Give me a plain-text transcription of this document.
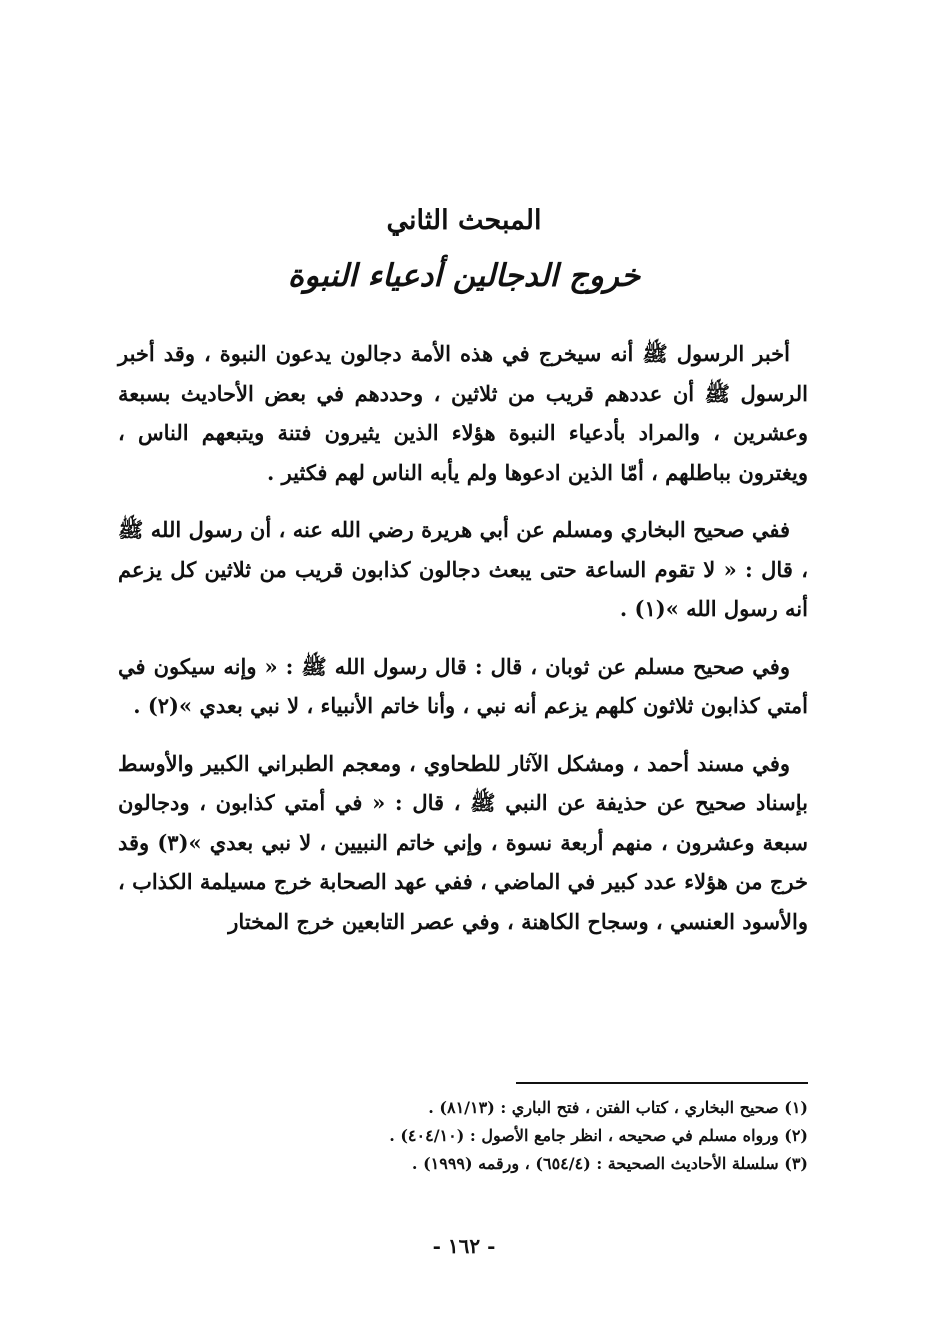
المبحث الثاني
خروج الدجالين أدعياء النبوة

أخبر الرسول ﷺ أنه سيخرج في هذه الأمة دجالون يدعون النبوة ، وقد أخبر الرسول ﷺ أن عددهم قريب من ثلاثين ، وحددهم في بعض الأحاديث بسبعة وعشرين ، والمراد بأدعياء النبوة هؤلاء الذين يثيرون فتنة ويتبعهم الناس ، ويغترون بباطلهم ، أمّا الذين ادعوها ولم يأبه الناس لهم فكثير .

ففي صحيح البخاري ومسلم عن أبي هريرة رضي الله عنه ، أن رسول الله ﷺ ، قال : « لا تقوم الساعة حتى يبعث دجالون كذابون قريب من ثلاثين كل يزعم أنه رسول الله »(١) .

وفي صحيح مسلم عن ثوبان ، قال : قال رسول الله ﷺ : « وإنه سيكون في أمتي كذابون ثلاثون كلهم يزعم أنه نبي ، وأنا خاتم الأنبياء ، لا نبي بعدي »(٢) .

وفي مسند أحمد ، ومشكل الآثار للطحاوي ، ومعجم الطبراني الكبير والأوسط بإسناد صحيح عن حذيفة عن النبي ﷺ ، قال : « في أمتي كذابون ، ودجالون سبعة وعشرون ، منهم أربعة نسوة ، وإني خاتم النبيين ، لا نبي بعدي »(٣) وقد خرج من هؤلاء عدد كبير في الماضي ، ففي عهد الصحابة خرج مسيلمة الكذاب ، والأسود العنسي ، وسجاح الكاهنة ، وفي عصر التابعين خرج المختار

(١) صحيح البخاري ، كتاب الفتن ، فتح الباري : (٨١/١٣) .

(٢) ورواه مسلم في صحيحه ، انظر جامع الأصول : (٤٠٤/١٠) .

(٣) سلسلة الأحاديث الصحيحة : (٦٥٤/٤) ، ورقمه (١٩٩٩) .

- ١٦٢ -
